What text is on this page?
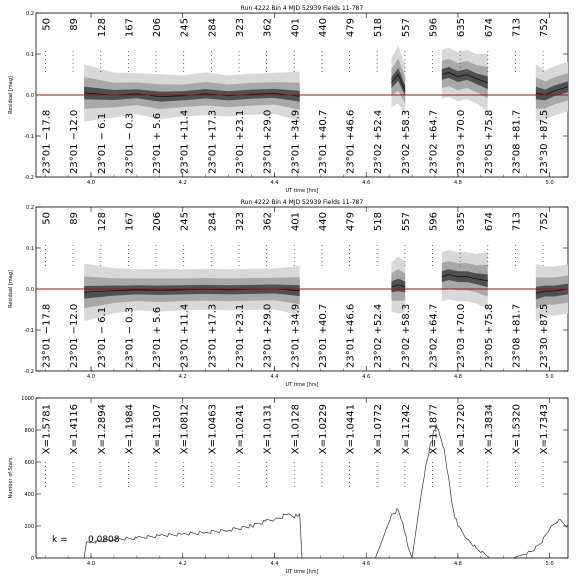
Run 4222 Bin 4 MJD 52939 Fields 11-787
Residual [mag]
UT time [hrs]
4.0	4.2	4.4	4.6	4.8	5.0
0.2
0.1
0.0
-0.1
-0.2
50 89 128 167 206 245 284 323 362 401 440 479 518 557 596 635 674 713 752
23°01 −17.8 23°01 −12.0 23°01 − 6.1 23°01 − 0.3 23°01 + 5.6 23°01 +11.4 23°01 +17.3 23°01 +23.1 23°01 +29.0 23°01 +34.9 23°01 +40.7 23°01 +46.6 23°02 +52.4 23°02 +58.3 23°02 +64.7 23°03 +70.0 23°05 +75.8 23°08 +81.7 23°30 +87.5
Run 4222 Bin 4 MJD 52939 Fields 11-787
Residual [mag]
UT time [hrs]
4.0	4.2	4.4	4.6	4.8	5.0
0.2
0.1
0.0
-0.1
-0.2
50 89 128 167 206 245 284 323 362 401 440 479 518 557 596 635 674 713 752
23°01 −17.8 23°01 −12.0 23°01 − 6.1 23°01 − 0.3 23°01 + 5.6 23°01 +11.4 23°01 +17.3 23°01 +23.1 23°01 +29.0 23°01 +34.9 23°01 +40.7 23°01 +46.6 23°02 +52.4 23°02 +58.3 23°02 +64.7 23°03 +70.0 23°05 +75.8 23°08 +81.7 23°30 +87.5
Number of Stars
UT time [hrs]
4.0	4.2	4.4	4.6	4.8	5.0
1000
800
600
400
200
0
X=1.5781 X=1.4116 X=1.2894 X=1.1984 X=1.1307 X=1.0812 X=1.0463 X=1.0241 X=1.0131 X=1.0128 X=1.0229 X=1.0441 X=1.0772 X=1.1242 X=1.1877 X=1.2720 X=1.3834 X=1.5320 X=1.7343
k = 0.0808
